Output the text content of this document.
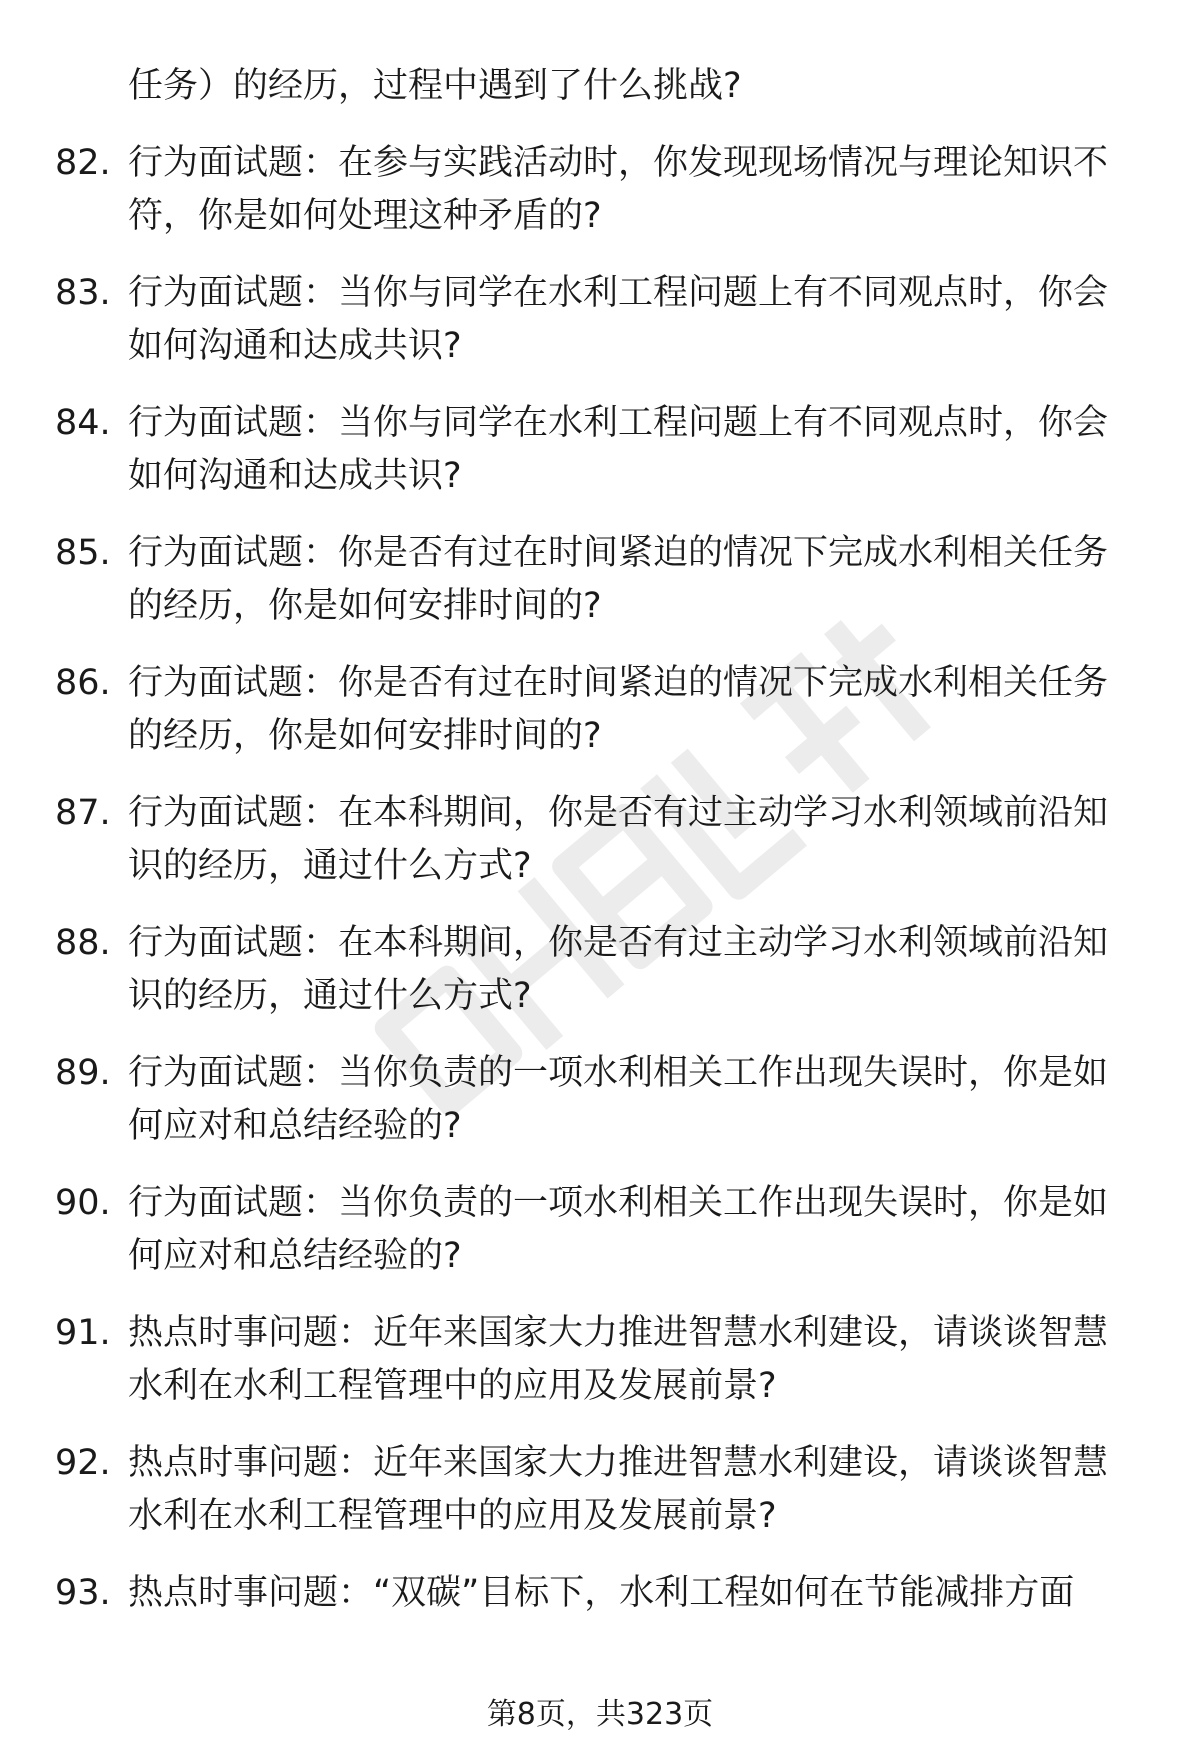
任务）的经历，过程中遇到了什么挑战?
82. 行为面试题：在参与实践活动时，你发现现场情况与理论知识不符，你是如何处理这种矛盾的?
83. 行为面试题：当你与同学在水利工程问题上有不同观点时，你会如何沟通和达成共识?
84. 行为面试题：当你与同学在水利工程问题上有不同观点时，你会如何沟通和达成共识?
85. 行为面试题：你是否有过在时间紧迫的情况下完成水利相关任务的经历，你是如何安排时间的?
86. 行为面试题：你是否有过在时间紧迫的情况下完成水利相关任务的经历，你是如何安排时间的?
87. 行为面试题：在本科期间，你是否有过主动学习水利领域前沿知识的经历，通过什么方式?
88. 行为面试题：在本科期间，你是否有过主动学习水利领域前沿知识的经历，通过什么方式?
89. 行为面试题：当你负责的一项水利相关工作出现失误时，你是如何应对和总结经验的?
90. 行为面试题：当你负责的一项水利相关工作出现失误时，你是如何应对和总结经验的?
91. 热点时事问题：近年来国家大力推进智慧水利建设，请谈谈智慧水利在水利工程管理中的应用及发展前景?
92. 热点时事问题：近年来国家大力推进智慧水利建设，请谈谈智慧水利在水利工程管理中的应用及发展前景?
93. 热点时事问题：“双碳”目标下，水利工程如何在节能减排方面
第8页，共323页
